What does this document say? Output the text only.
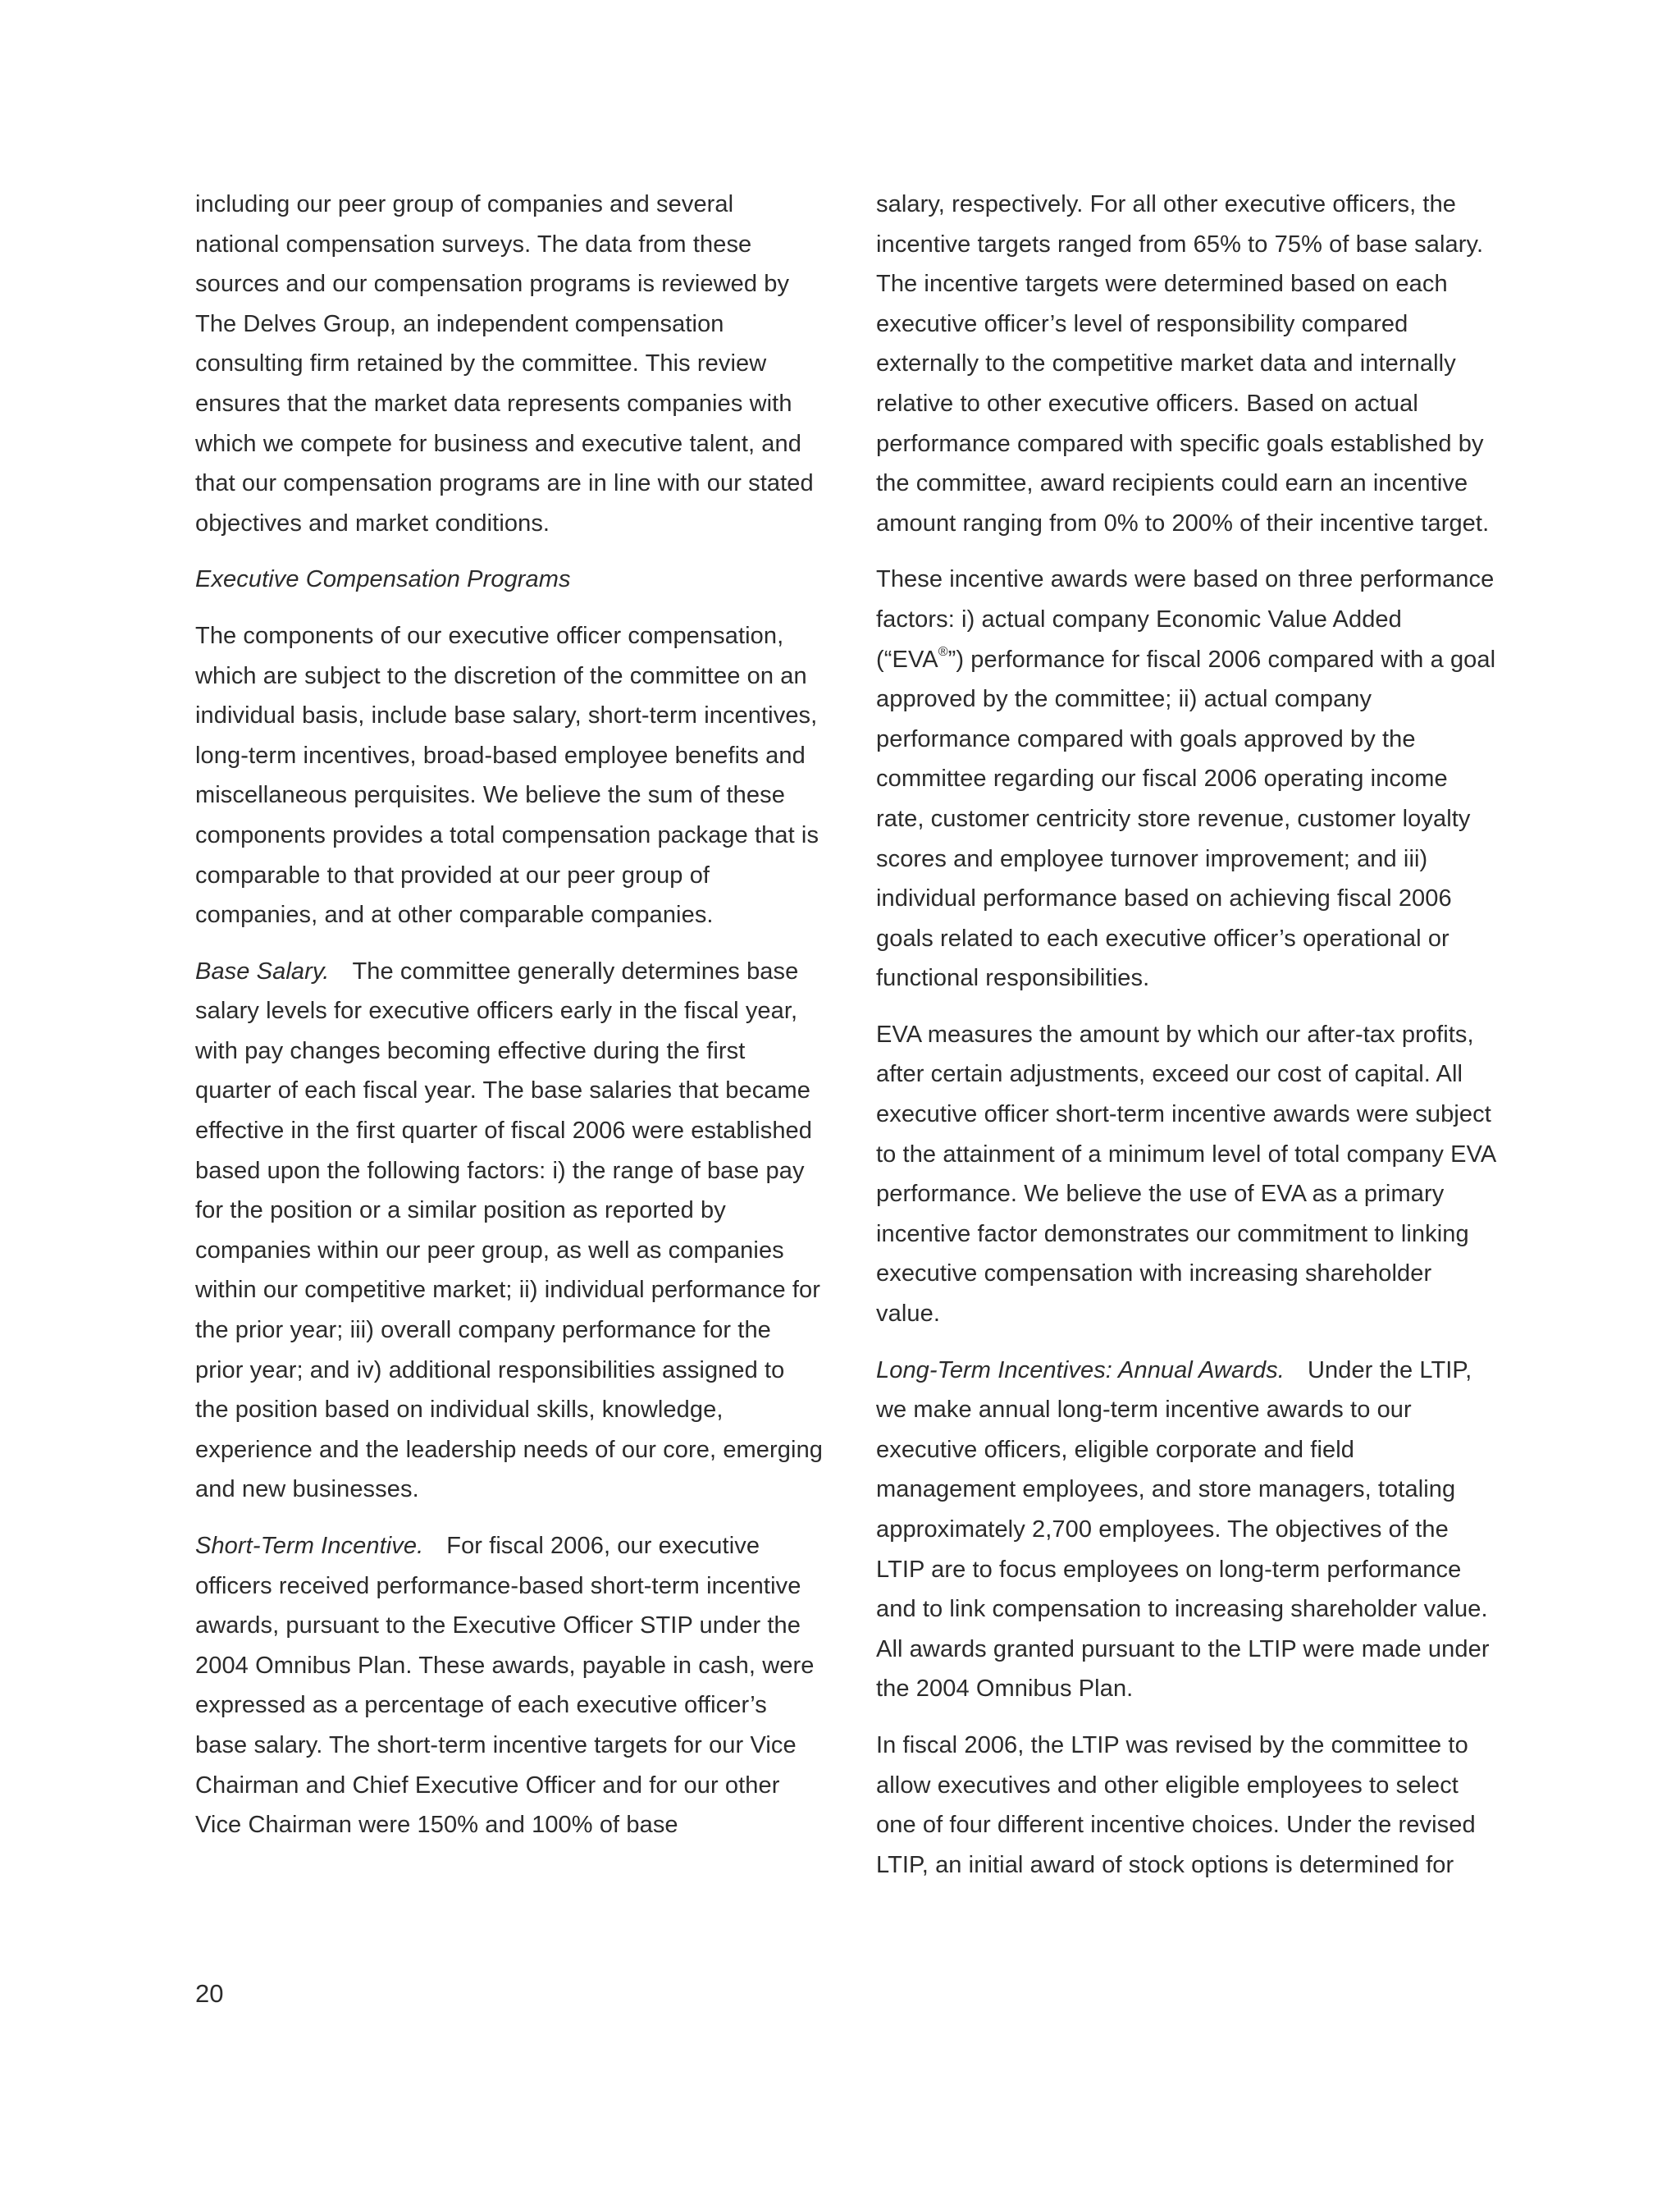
including our peer group of companies and several national compensation surveys. The data from these sources and our compensation programs is reviewed by The Delves Group, an independent compensation consulting firm retained by the committee. This review ensures that the market data represents companies with which we compete for business and executive talent, and that our compensation programs are in line with our stated objectives and market conditions.

Executive Compensation Programs

The components of our executive officer compensation, which are subject to the discretion of the committee on an individual basis, include base salary, short-term incentives, long-term incentives, broad-based employee benefits and miscellaneous perquisites. We believe the sum of these components provides a total compensation package that is comparable to that provided at our peer group of companies, and at other comparable companies.

Base Salary. The committee generally determines base salary levels for executive officers early in the fiscal year, with pay changes becoming effective during the first quarter of each fiscal year. The base salaries that became effective in the first quarter of fiscal 2006 were established based upon the following factors: i) the range of base pay for the position or a similar position as reported by companies within our peer group, as well as companies within our competitive market; ii) individual performance for the prior year; iii) overall company performance for the prior year; and iv) additional responsibilities assigned to the position based on individual skills, knowledge, experience and the leadership needs of our core, emerging and new businesses.

Short-Term Incentive. For fiscal 2006, our executive officers received performance-based short-term incentive awards, pursuant to the Executive Officer STIP under the 2004 Omnibus Plan. These awards, payable in cash, were expressed as a percentage of each executive officer’s base salary. The short-term incentive targets for our Vice Chairman and Chief Executive Officer and for our other Vice Chairman were 150% and 100% of base

salary, respectively. For all other executive officers, the incentive targets ranged from 65% to 75% of base salary. The incentive targets were determined based on each executive officer’s level of responsibility compared externally to the competitive market data and internally relative to other executive officers. Based on actual performance compared with specific goals established by the committee, award recipients could earn an incentive amount ranging from 0% to 200% of their incentive target.

These incentive awards were based on three performance factors: i) actual company Economic Value Added (“EVA®”) performance for fiscal 2006 compared with a goal approved by the committee; ii) actual company performance compared with goals approved by the committee regarding our fiscal 2006 operating income rate, customer centricity store revenue, customer loyalty scores and employee turnover improvement; and iii) individual performance based on achieving fiscal 2006 goals related to each executive officer’s operational or functional responsibilities.

EVA measures the amount by which our after-tax profits, after certain adjustments, exceed our cost of capital. All executive officer short-term incentive awards were subject to the attainment of a minimum level of total company EVA performance. We believe the use of EVA as a primary incentive factor demonstrates our commitment to linking executive compensation with increasing shareholder value.

Long-Term Incentives: Annual Awards. Under the LTIP, we make annual long-term incentive awards to our executive officers, eligible corporate and field management employees, and store managers, totaling approximately 2,700 employees. The objectives of the LTIP are to focus employees on long-term performance and to link compensation to increasing shareholder value. All awards granted pursuant to the LTIP were made under the 2004 Omnibus Plan.

In fiscal 2006, the LTIP was revised by the committee to allow executives and other eligible employees to select one of four different incentive choices. Under the revised LTIP, an initial award of stock options is determined for

20
